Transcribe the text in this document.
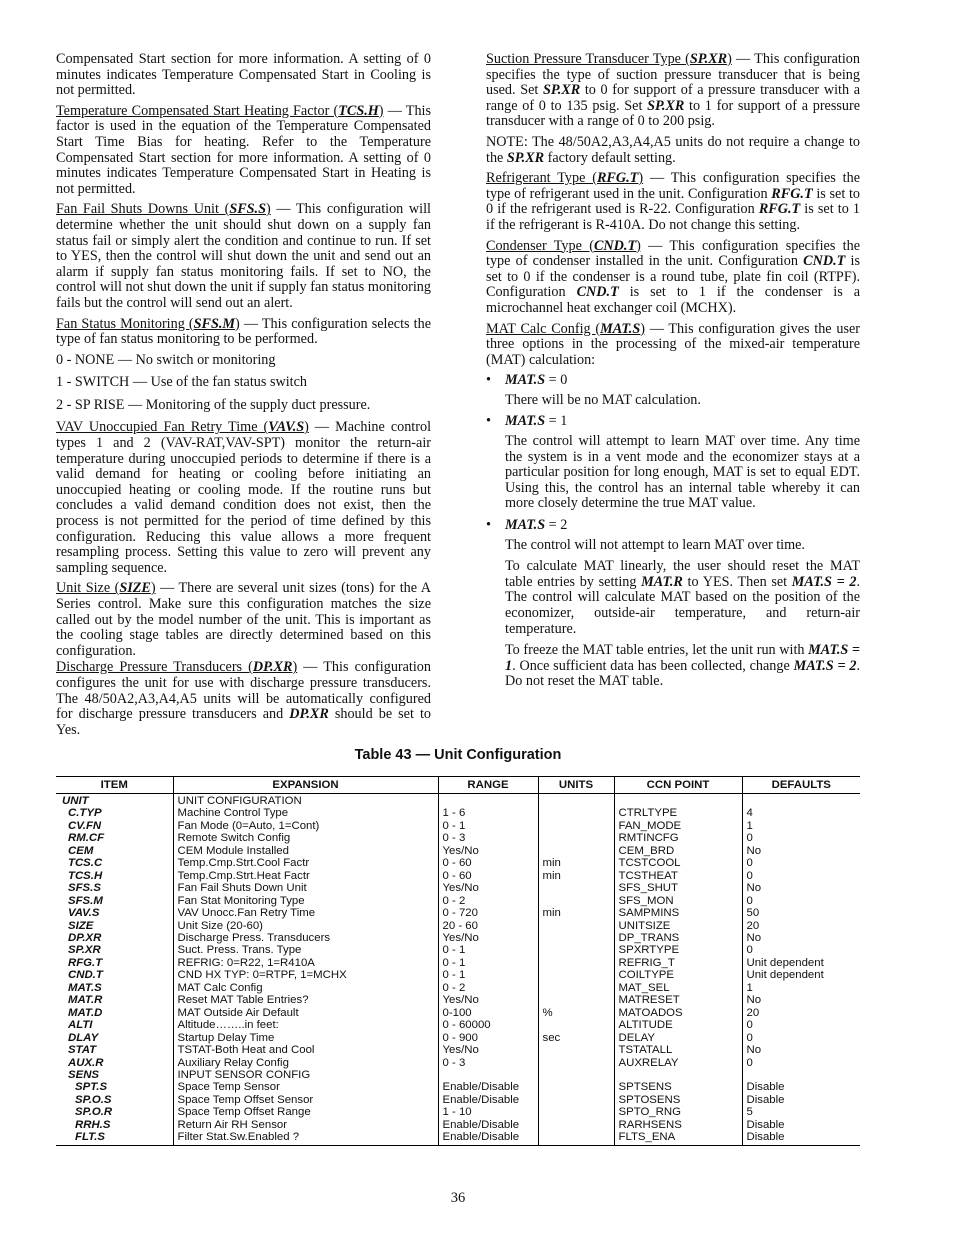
Compensated Start section for more information. A setting of 0 minutes indicates Temperature Compensated Start in Cooling is not permitted.

Temperature Compensated Start Heating Factor (TCS.H) — This factor is used in the equation of the Temperature Compensated Start Time Bias for heating. Refer to the Temperature Compensated Start section for more information. A setting of 0 minutes indicates Temperature Compensated Start in Heating is not permitted.

Fan Fail Shuts Downs Unit (SFS.S) — This configuration will determine whether the unit should shut down on a supply fan status fail or simply alert the condition and continue to run. If set to YES, then the control will shut down the unit and send out an alarm if supply fan status monitoring fails. If set to NO, the control will not shut down the unit if supply fan status monitoring fails but the control will send out an alert.

Fan Status Monitoring (SFS.M) — This configuration selects the type of fan status monitoring to be performed.

0 - NONE — No switch or monitoring

1 - SWITCH — Use of the fan status switch

2 - SP RISE — Monitoring of the supply duct pressure.

VAV Unoccupied Fan Retry Time (VAV.S) — Machine control types 1 and 2 (VAV-RAT,VAV-SPT) monitor the return-air temperature during unoccupied periods to determine if there is a valid demand for heating or cooling before initiating an unoccupied heating or cooling mode. If the routine runs but concludes a valid demand condition does not exist, then the process is not permitted for the period of time defined by this configuration. Reducing this value allows a more frequent resampling process. Setting this value to zero will prevent any sampling sequence.

Unit Size (SIZE) — There are several unit sizes (tons) for the A Series control. Make sure this configuration matches the size called out by the model number of the unit. This is important as the cooling stage tables are directly determined based on this configuration.

Discharge Pressure Transducers (DP.XR) — This configuration configures the unit for use with discharge pressure transducers. The 48/50A2,A3,A4,A5 units will be automatically configured for discharge pressure transducers and DP.XR should be set to Yes.

Suction Pressure Transducer Type (SP.XR) — This configuration specifies the type of suction pressure transducer that is being used. Set SP.XR to 0 for support of a pressure transducer with a range of 0 to 135 psig. Set SP.XR to 1 for support of a pressure transducer with a range of 0 to 200 psig.

NOTE: The 48/50A2,A3,A4,A5 units do not require a change to the SP.XR factory default setting.

Refrigerant Type (RFG.T) — This configuration specifies the type of refrigerant used in the unit. Configuration RFG.T is set to 0 if the refrigerant used is R-22. Configuration RFG.T is set to 1 if the refrigerant is R-410A. Do not change this setting.

Condenser Type (CND.T) — This configuration specifies the type of condenser installed in the unit. Configuration CND.T is set to 0 if the condenser is a round tube, plate fin coil (RTPF). Configuration CND.T is set to 1 if the condenser is a microchannel heat exchanger coil (MCHX).

MAT Calc Config (MAT.S) — This configuration gives the user three options in the processing of the mixed-air temperature (MAT) calculation:

• MAT.S = 0

There will be no MAT calculation.

• MAT.S = 1

The control will attempt to learn MAT over time. Any time the system is in a vent mode and the economizer stays at a particular position for long enough, MAT is set to equal EDT. Using this, the control has an internal table whereby it can more closely determine the true MAT value.

• MAT.S = 2

The control will not attempt to learn MAT over time.

To calculate MAT linearly, the user should reset the MAT table entries by setting MAT.R to YES. Then set MAT.S = 2. The control will calculate MAT based on the position of the economizer, outside-air temperature, and return-air temperature.

To freeze the MAT table entries, let the unit run with MAT.S = 1. Once sufficient data has been collected, change MAT.S = 2. Do not reset the MAT table.

Table 43 — Unit Configuration
ITEM	EXPANSION	RANGE	UNITS	CCN POINT	DEFAULTS
UNIT	UNIT CONFIGURATION				
C.TYP	Machine Control Type	1 - 6		CTRLTYPE	4
CV.FN	Fan Mode (0=Auto, 1=Cont)	0 - 1		FAN_MODE	1
RM.CF	Remote Switch Config	0 - 3		RMTINCFG	0
CEM	CEM Module Installed	Yes/No		CEM_BRD	No
TCS.C	Temp.Cmp.Strt.Cool Factr	0 - 60	min	TCSTCOOL	0
TCS.H	Temp.Cmp.Strt.Heat Factr	0 - 60	min	TCSTHEAT	0
SFS.S	Fan Fail Shuts Down Unit	Yes/No		SFS_SHUT	No
SFS.M	Fan Stat Monitoring Type	0 - 2		SFS_MON	0
VAV.S	VAV Unocc.Fan Retry Time	0 - 720	min	SAMPMINS	50
SIZE	Unit Size (20-60)	20 - 60		UNITSIZE	20
DP.XR	Discharge Press. Transducers	Yes/No		DP_TRANS	No
SP.XR	Suct. Press. Trans. Type	0 - 1		SPXRTYPE	0
RFG.T	REFRIG: 0=R22, 1=R410A	0 - 1		REFRIG_T	Unit dependent
CND.T	CND HX TYP: 0=RTPF, 1=MCHX	0 - 1		COILTYPE	Unit dependent
MAT.S	MAT Calc Config	0 - 2		MAT_SEL	1
MAT.R	Reset MAT Table Entries?	Yes/No		MATRESET	No
MAT.D	MAT Outside Air Default	0-100	%	MATOADOS	20
ALTI	Altitude……..in feet:	0 - 60000		ALTITUDE	0
DLAY	Startup Delay Time	0 - 900	sec	DELAY	0
STAT	TSTAT-Both Heat and Cool	Yes/No		TSTATALL	No
AUX.R	Auxiliary Relay Config	0 - 3		AUXRELAY	0
SENS	INPUT SENSOR CONFIG				
SPT.S	Space Temp Sensor	Enable/Disable		SPTSENS	Disable
SP.O.S	Space Temp Offset Sensor	Enable/Disable		SPTOSENS	Disable
SP.O.R	Space Temp Offset Range	1 - 10		SPTO_RNG	5
RRH.S	Return Air RH Sensor	Enable/Disable		RARHSENS	Disable
FLT.S	Filter Stat.Sw.Enabled ?	Enable/Disable		FLTS_ENA	Disable
36
